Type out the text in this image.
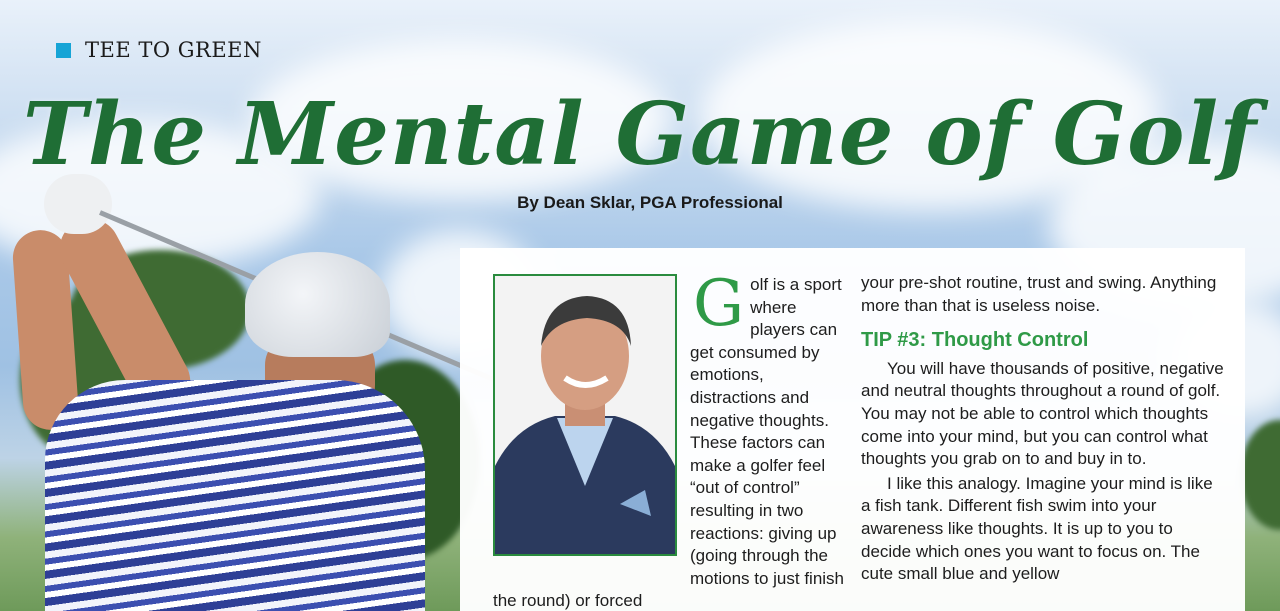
TEE TO GREEN
The Mental Game of Golf
By Dean Sklar, PGA Professional
G olf is a sport where players can get consumed by emotions, distractions and negative thoughts. These factors can make a golfer feel “out of control” resulting in two reactions: giving up (going through the motions to just finish the round) or forced

your pre-shot routine, trust and swing. Anything more than that is useless noise.

TIP #3: Thought Control

You will have thousands of positive, negative and neutral thoughts throughout a round of golf. You may not be able to control which thoughts come into your mind, but you can control what thoughts you grab on to and buy in to.

I like this analogy. Imagine your mind is like a fish tank. Different fish swim into your awareness like thoughts. It is up to you to decide which ones you want to focus on. The cute small blue and yellow
